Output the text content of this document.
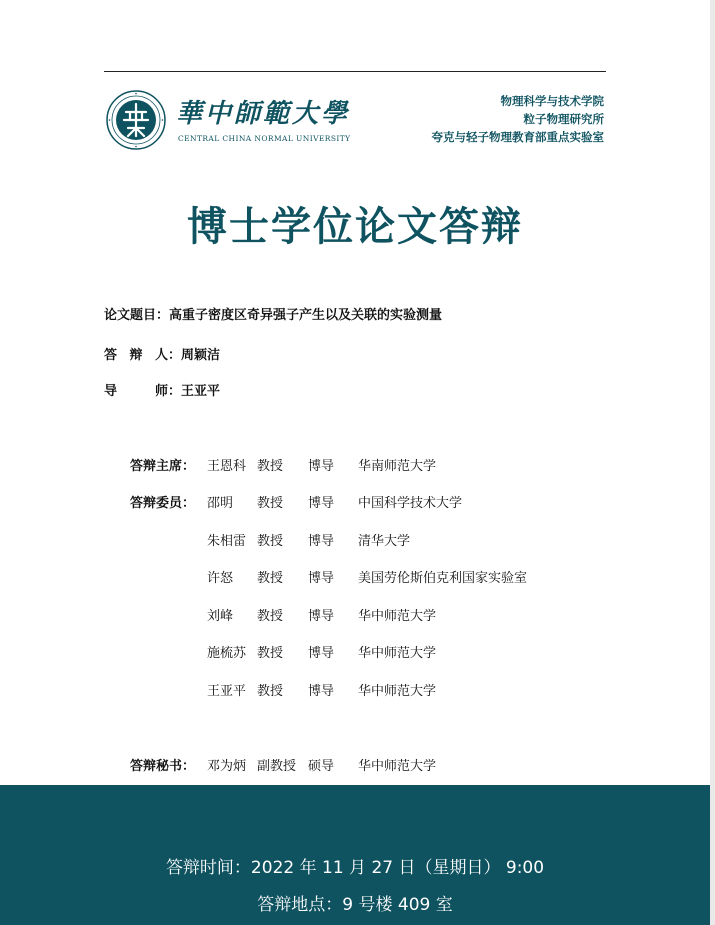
華中師範大學
CENTRAL CHINA NORMAL UNIVERSITY
物理科学与技术学院
粒子物理研究所
夸克与轻子物理教育部重点实验室
博士学位论文答辩
论文题目： 高重子密度区奇异强子产生以及关联的实验测量
答 辩 人 ： 周颖洁
导	师 ： 王亚平
答辩主席： 王恩科 教授 博导 华南师范大学
答辩委员： 邵明 教授 博导 中国科学技术大学
朱相雷 教授 博导 清华大学
许怒 教授 博导 美国劳伦斯伯克利国家实验室
刘峰 教授 博导 华中师范大学
施梳苏 教授 博导 华中师范大学
王亚平 教授 博导 华中师范大学
答辩秘书： 邓为炳 副教授 硕导 华中师范大学
答辩时间：2022 年 11 月 27 日（星期日） 9:00
答辩地点：9 号楼 409 室
